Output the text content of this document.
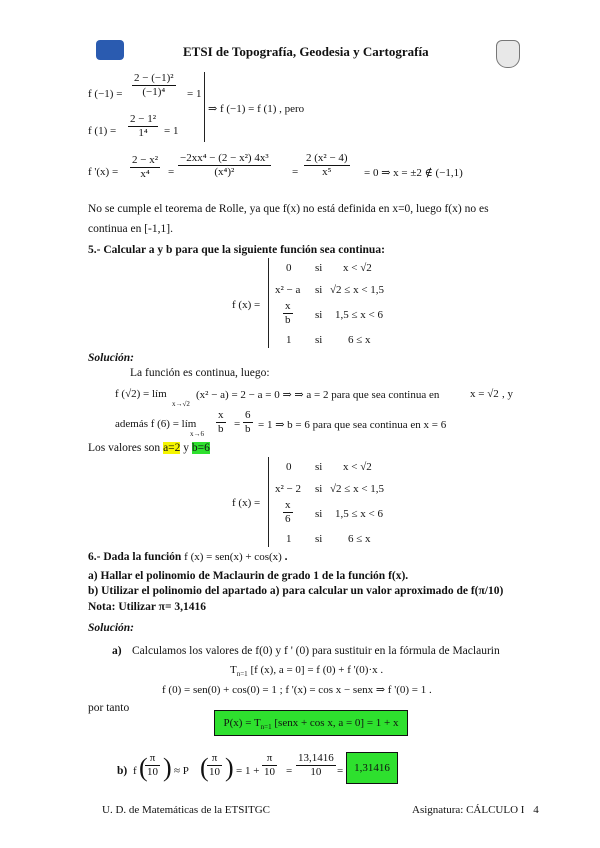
ETSI de Topografía, Geodesia y Cartografía
f $(-1) = \frac{\text{2 − (−1)²}}{\text{(−1)⁴}} = 1$
f $(1) = \frac{\text{2 − 1²}}{\text{1⁴}} = 1$
⇒ f (−1) = f (1) , pero
f '$(x) = \frac{\text{2 − x²}}{\text{x⁴}} = \frac{\text{−2xx⁴ − (2 − x²) 4x³}}{\text{(x⁴)²}} = \frac{\text{2 (x² − 4)}}{\text{x⁵}} = 0$ ⇒ x = ±2 ∉ (−1,1)
No se cumple el teorema de Rolle, ya que f(x) no está definida en x=0, luego f(x) no es
continua en [-1,1].
5.- Calcular a y b para que la siguiente función sea continua:
f (x) =
0 si x < √2
x² − a si √2 ≤ x < 1,5
$\frac{x}{b}$ si 1,5 ≤ x < 6
1 si 6 ≤ x
Solución:
La función es continua, luego:
f (√2) = lím
x→√2
(x² − a) = 2 − a = 0 ⇒ ⇒ a = 2 para que sea continua en	x = √2 , y
además f (6) = lím
$x\to 6 \frac{x}{b} = \frac{6}{b} = 1$ ⇒ b = 6 para que sea continua en x = 6
Los valores son a=2 y b=6
f (x) =
0 si x < √2
x² − 2 si √2 ≤ x < 1,5
$\frac{x}{6}$ si 1,5 ≤ x < 6
1 si 6 ≤ x
6.- Dada la función f (x) = sen(x) + cos(x) .
a) Hallar el polinomio de Maclaurin de grado 1 de la función f(x).
b) Utilizar el polinomio del apartado a) para calcular un valor aproximado de f(π/10)
Nota: Utilizar π= 3,1416
Solución:
a) Calculamos los valores de f(0) y f ' (0) para sustituir en la fórmula de Maclaurin
$T_{n=1}$ [f (x), a = 0] = f (0) + f '(0)·x .
f (0) = sen(0) + cos(0) = 1 ; f '(x) = cos x − senx ⇒ f '(0) = 1 .
por tanto
$P(x) = T_{n=1}$ [senx + cos x, a = 0] = 1 + x
b) f (
$\frac{\pi}{10}$ ) ≈ P (
$\frac{\pi}{10}$ ) = $1 + \frac{\pi}{10} = \frac{13,1416}{10} = 1,31416$
U. D. de Matemáticas de la ETSITGC	Asignatura: CÁLCULO I 4
